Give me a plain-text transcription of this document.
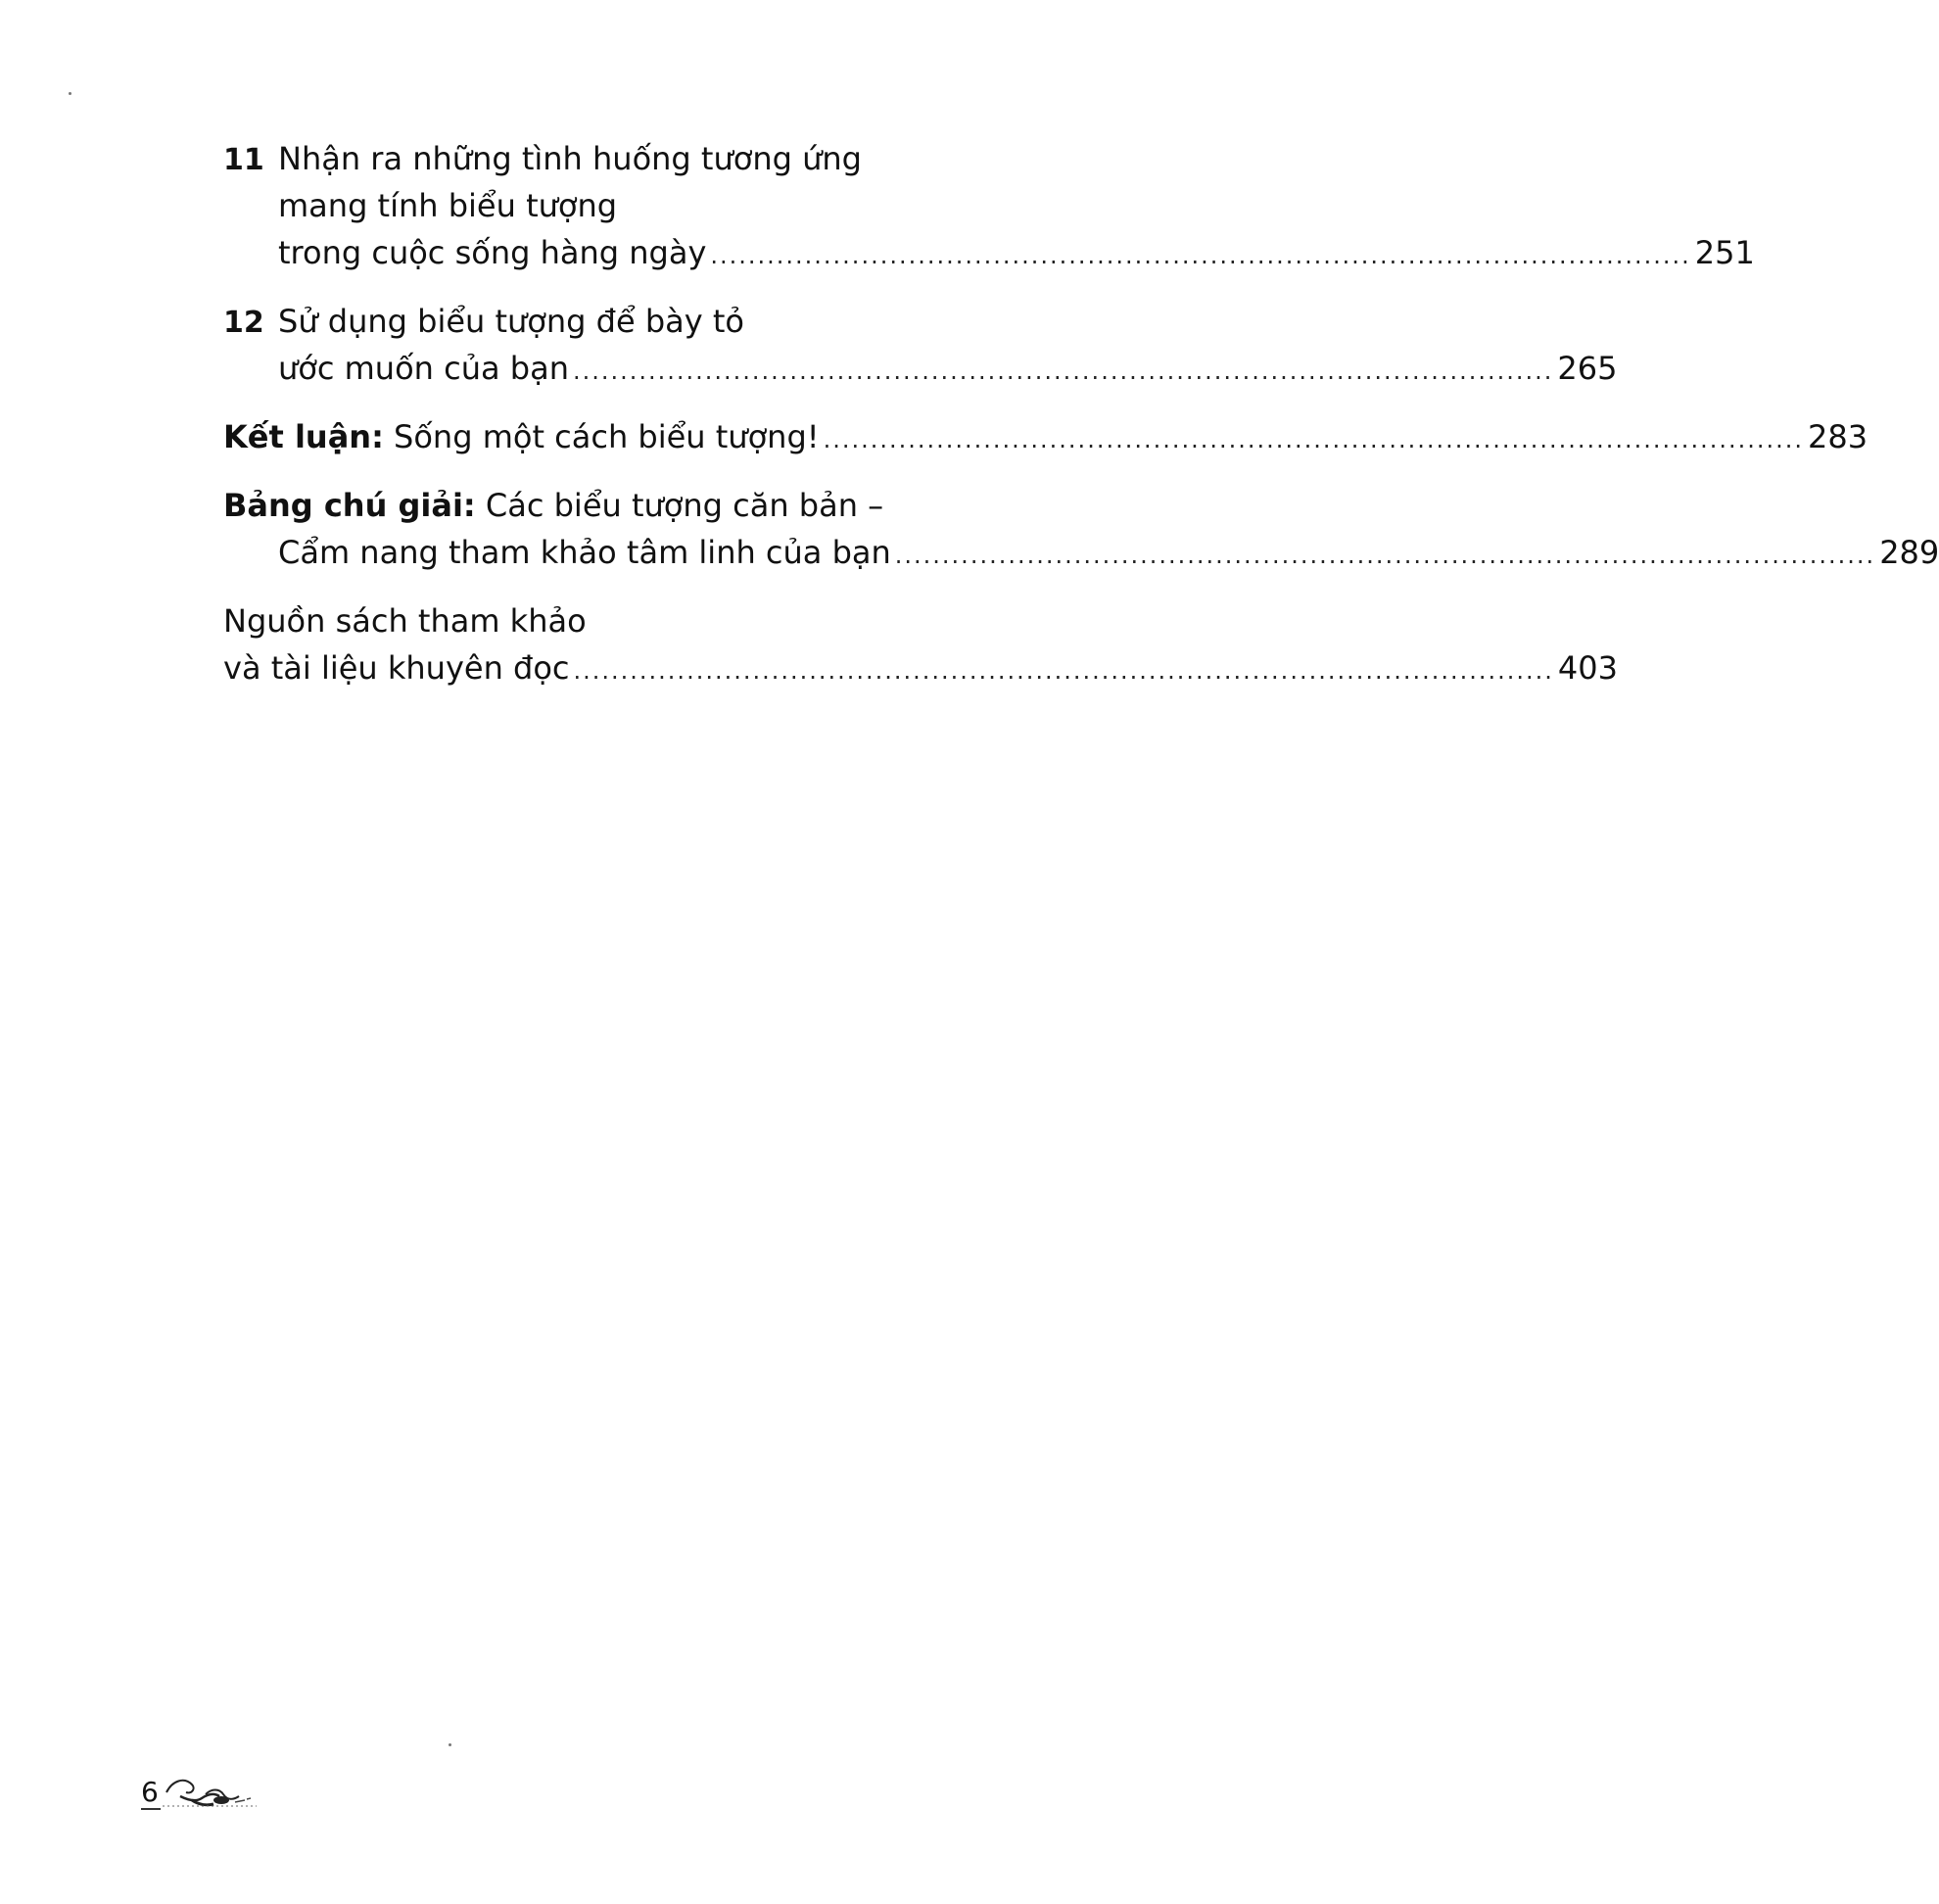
11 Nhận ra những tình huống tương ứng
mang tính biểu tượng
trong cuộc sống hàng ngày ........................................................................................................ 251
12 Sử dụng biểu tượng để bày tỏ
ước muốn của bạn ........................................................................................................ 265
Kết luận: Sống một cách biểu tượng! ........................................................................................................ 283
Bảng chú giải: Các biểu tượng căn bản –
Cẩm nang tham khảo tâm linh của bạn ........................................................................................................ 289
Nguồn sách tham khảo
và tài liệu khuyên đọc ........................................................................................................ 403
6
